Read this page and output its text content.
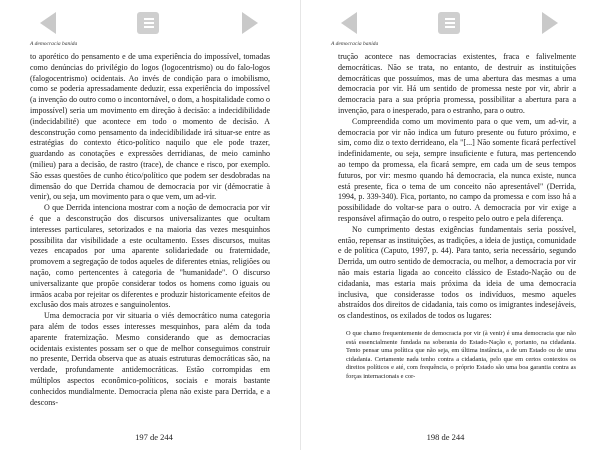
A democracia banida

to aporético do pensamento e de uma experiência do impossível, tomadas como denúncias do privilégio do logos (logocentrismo) ou do falo-logos (falogocentrismo) ocidentais. Ao invés de condição para o imobilismo, como se poderia apressadamente deduzir, essa experiência do impossível (a invenção do outro como o incontornável, o dom, a hospitalidade como o impossível) seria um movimento em direção à decisão: a indecidibilidade (indecidabilité) que acontece em todo o momento de decisão. A desconstrução como pensamento da indecidibilidade irá situar-se entre as estratégias do contexto ético-político naquilo que ele pode trazer, guardando as conotações e expressões derridianas, de meio caminho (milieu) para a decisão, de rastro (trace), de chance e risco, por exemplo. São essas questões de cunho ético/político que podem ser desdobradas na dimensão do que Derrida chamou de democracia por vir (démocratie à venir), ou seja, um movimento para o que vem, um ad-vir.

O que Derrida intenciona mostrar com a noção de democracia por vir é que a desconstrução dos discursos universalizantes que ocultam interesses particulares, setorizados e na maioria das vezes mesquinhos possibilita dar visibilidade a este ocultamento. Esses discursos, muitas vezes encapados por uma aparente solidariedade ou fraternidade, promovem a segregação de todos aqueles de diferentes etnias, religiões ou nação, como pertencentes à categoria de "humanidade". O discurso universalizante que propõe considerar todos os homens como iguais ou irmãos acaba por rejeitar os diferentes e produzir historicamente efeitos de exclusão dos mais atrozes e sanguinolentos.

Uma democracia por vir situaria o viés democrático numa categoria para além de todos esses interesses mesquinhos, para além da toda aparente fraternização. Mesmo considerando que as democracias ocidentais existentes possam ser o que de melhor conseguimos construir no presente, Derrida observa que as atuais estruturas democráticas são, na verdade, profundamente antidemocráticas. Estão corrompidas em múltiplos aspectos econômico-políticos, sociais e morais bastante conhecidos mundialmente. Democracia plena não existe para Derrida, e a descons-

197 de 244
A democracia banida

trução acontece nas democracias existentes, fraca e falivelmente democráticas. Não se trata, no entanto, de destruir as instituições democráticas que possuímos, mas de uma abertura das mesmas a uma democracia por vir. Há um sentido de promessa neste por vir, abrir a democracia para a sua própria promessa, possibilitar a abertura para a invenção, para o inesperado, para o estranho, para o outro.

Compreendida como um movimento para o que vem, um ad-vir, a democracia por vir não indica um futuro presente ou futuro próximo, e sim, como diz o texto derrideano, ela "[...] Não somente ficará perfectível indefinidamente, ou seja, sempre insuficiente e futura, mas pertencendo ao tempo da promessa, ela ficará sempre, em cada um de seus tempos futuros, por vir: mesmo quando há democracia, ela nunca existe, nunca está presente, fica o tema de um conceito não apresentável" (Derrida, 1994, p. 339-340). Fica, portanto, no campo da promessa e com isso há a possibilidade do voltar-se para o outro. A democracia por vir exige a responsável afirmação do outro, o respeito pelo outro e pela diferença.

No cumprimento destas exigências fundamentais seria possível, então, repensar as instituições, as tradições, a ideia de justiça, comunidade e de política (Caputo, 1997, p. 44). Para tanto, seria necessário, segundo Derrida, um outro sentido de democracia, ou melhor, a democracia por vir não mais estaria ligada ao conceito clássico de Estado-Nação ou de cidadania, mas estaria mais próxima da ideia de uma democracia inclusiva, que considerasse todos os indivíduos, mesmo aqueles abstraídos dos direitos de cidadania, tais como os imigrantes indesejáveis, os clandestinos, os exilados de todos os lugares:

O que chamo frequentemente de democracia por vir (à venir) é uma democracia que não está essencialmente fundada na soberania do Estado-Nação e, portanto, na cidadania. Tento pensar uma política que não seja, em última instância, a de um Estado ou de uma cidadania. Certamente nada tenho contra a cidadania, pelo que em certos contextos os direitos políticos e até, com frequência, o próprio Estado são uma boa garantia contra as forças internacionais e cor-

198 de 244
